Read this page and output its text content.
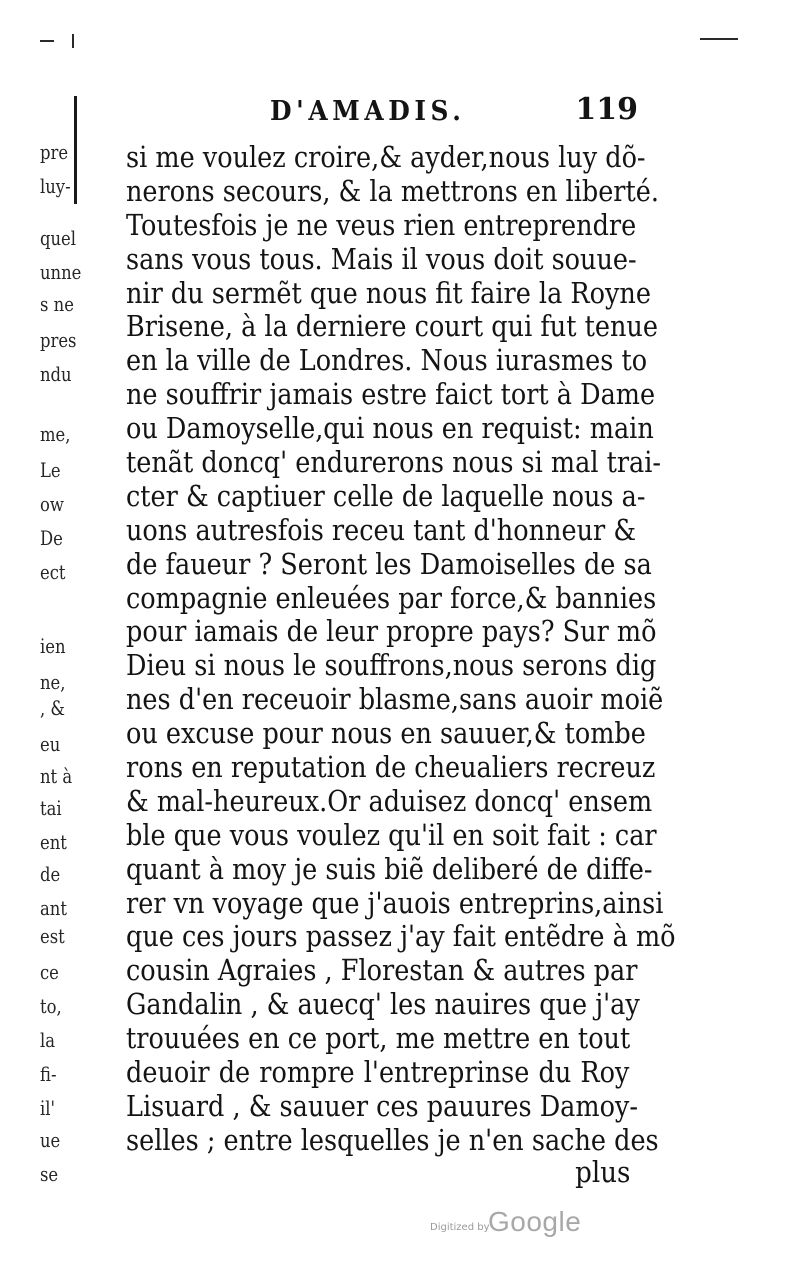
pre
luy-
quel
unne
s ne
pres
ndu
me,
Le
ow
De
ect
ien
ne,
, &
eu
nt à
tai
ent
de
ant
est
ce
to,
la
fi-
il'
ue
se
D'AMADIS.	119
si me voulez croire,& ayder,nous luy dõ-
nerons secours, & la mettrons en liberté.
Toutesfois je ne veus rien entreprendre
sans vous tous. Mais il vous doit souue-
nir du sermẽt que nous fit faire la Royne
Brisene, à la derniere court qui fut tenue
en la ville de Londres. Nous iurasmes to
ne souffrir jamais estre faict tort à Dame
ou Damoyselle,qui nous en requist: main
tenãt doncq' endurerons nous si mal trai-
cter & captiuer celle de laquelle nous a-
uons autresfois receu tant d'honneur &
de faueur ? Seront les Damoiselles de sa
compagnie enleuées par force,& bannies
pour iamais de leur propre pays? Sur mõ
Dieu si nous le souffrons,nous serons dig
nes d'en receuoir blasme,sans auoir moiẽ
ou excuse pour nous en sauuer,& tombe
rons en reputation de cheualiers recreuz
& mal-heureux.Or aduisez doncq' ensem
ble que vous voulez qu'il en soit fait : car
quant à moy je suis biẽ deliberé de diffe-
rer vn voyage que j'auois entreprins,ainsi
que ces jours passez j'ay fait entẽdre à mõ
cousin Agraies , Florestan & autres par
Gandalin , & auecq' les nauires que j'ay
trouuées en ce port, me mettre en tout
deuoir de rompre l'entreprinse du Roy
Lisuard , & sauuer ces pauures Damoy-
selles ; entre lesquelles je n'en sache des
plus
Digitized by
Google
